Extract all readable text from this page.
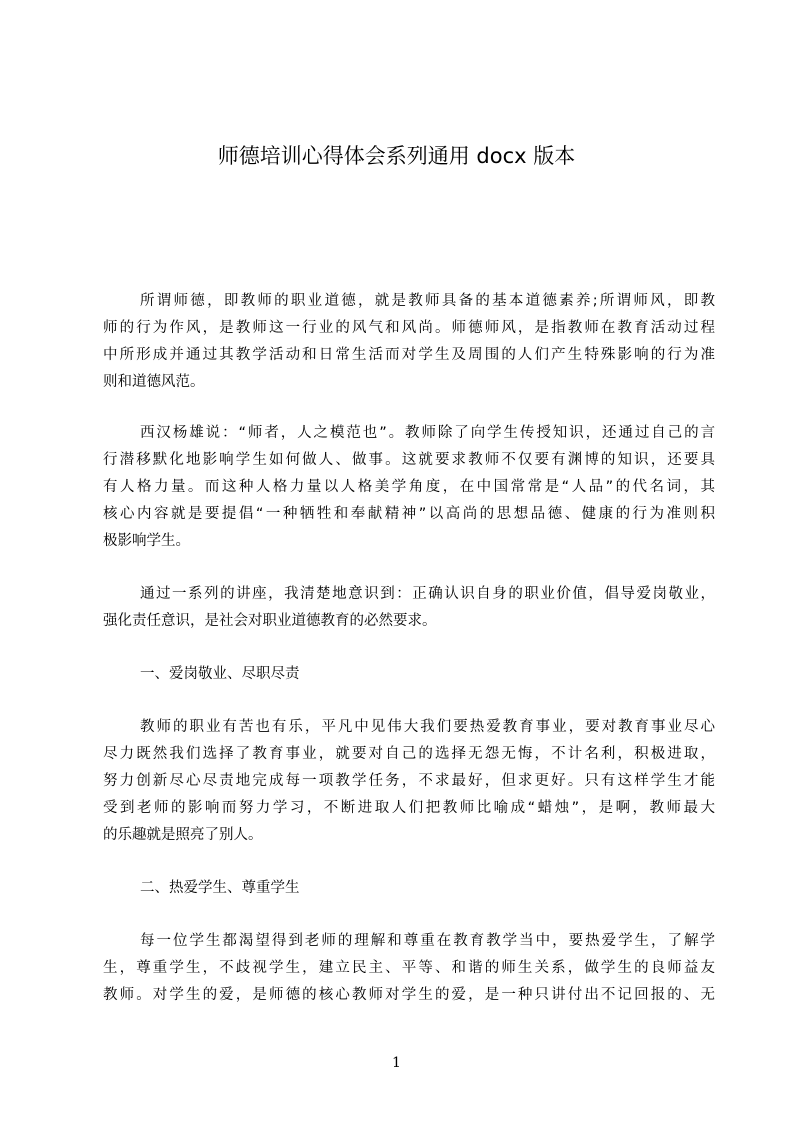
师德培训心得体会系列通用 docx 版本

所谓师德，即教师的职业道德，就是教师具备的基本道德素养;所谓师风，即教
师的行为作风，是教师这一行业的风气和风尚。师德师风，是指教师在教育活动过程
中所形成并通过其教学活动和日常生活而对学生及周围的人们产生特殊影响的行为准
则和道德风范。

西汉杨雄说：“师者，人之模范也”。教师除了向学生传授知识，还通过自己的言
行潜移默化地影响学生如何做人、做事。这就要求教师不仅要有渊博的知识，还要具
有人格力量。而这种人格力量以人格美学角度，在中国常常是“人品”的代名词，其
核心内容就是要提倡“一种牺牲和奉献精神”以高尚的思想品德、健康的行为准则积
极影响学生。

通过一系列的讲座，我清楚地意识到：正确认识自身的职业价值，倡导爱岗敬业，
强化责任意识，是社会对职业道德教育的必然要求。

一、爱岗敬业、尽职尽责

教师的职业有苦也有乐，平凡中见伟大我们要热爱教育事业，要对教育事业尽心
尽力既然我们选择了教育事业，就要对自己的选择无怨无悔，不计名利，积极进取，
努力创新尽心尽责地完成每一项教学任务，不求最好，但求更好。只有这样学生才能
受到老师的影响而努力学习，不断进取人们把教师比喻成“蜡烛”，是啊，教师最大
的乐趣就是照亮了别人。

二、热爱学生、尊重学生

每一位学生都渴望得到老师的理解和尊重在教育教学当中，要热爱学生，了解学
生，尊重学生，不歧视学生，建立民主、平等、和谐的师生关系，做学生的良师益友
教师。对学生的爱，是师德的核心教师对学生的爱，是一种只讲付出不记回报的、无

1
